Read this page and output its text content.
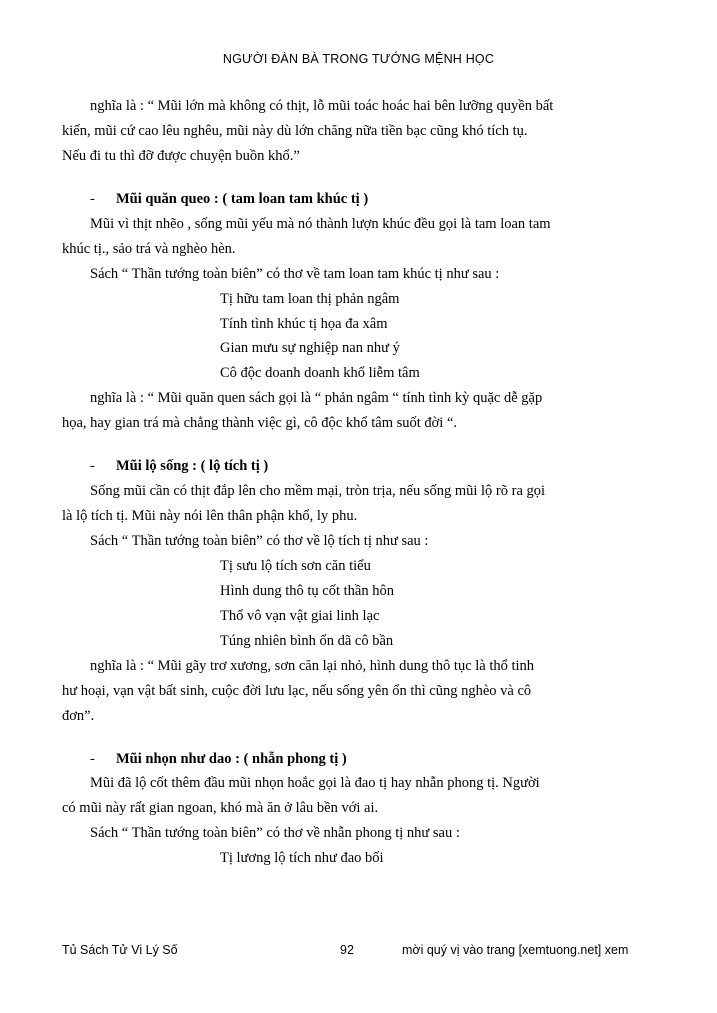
NGƯỜI ĐÀN BÀ TRONG TƯỚNG MỆNH HỌC

nghĩa là : “ Mũi lớn mà không có thịt, lỗ mũi toác hoác hai bên lưỡng quyền bất

kiến, mũi cứ cao lêu nghêu, mũi này dù lớn chăng nữa tiền bạc cũng khó tích tụ.

Nếu đi tu thì đỡ được chuyện buồn khổ.”

- Mũi quăn queo : ( tam loan tam khúc tị )

Mũi vì thịt nhẽo , sống mũi yếu mà nó thành lượn khúc đều gọi là tam loan tam

khúc tị., sảo trá và nghèo hèn.

Sách “ Thần tướng toàn biên” có thơ về tam loan tam khúc tị như sau :

Tị hữu tam loan thị phản ngâm

Tính tình khúc tị họa đa xâm

Gian mưu sự nghiệp nan như ý

Cô độc doanh doanh khổ liễm tâm

nghĩa là : “ Mũi quăn quen sách gọi là “ phản ngâm “ tính tình kỳ quặc dễ gặp

họa, hay gian trá mà chẳng thành việc gì, cô độc khổ tâm suốt đời “.

- Mũi lộ sống : ( lộ tích tị )

Sống mũi cần có thịt đắp lên cho mềm mại, tròn trịa, nếu sống mũi lộ rõ ra gọi

là lộ tích tị. Mũi này nói lên thân phận khổ, ly phu.

Sách “ Thần tướng toàn biên” có thơ về lộ tích tị như sau :

Tị sưu lộ tích sơn căn tiểu

Hình dung thô tụ cốt thần hôn

Thổ vô vạn vật giai linh lạc

Túng nhiên bình ổn dã cô bần

nghĩa là : “ Mũi gãy trơ xương, sơn căn lại nhỏ, hình dung thô tục là thổ tinh

hư hoại, vạn vật bất sinh, cuộc đời lưu lạc, nếu sống yên ổn thì cũng nghèo và cô

đơn”.

- Mũi nhọn như dao : ( nhẫn phong tị )

Mũi đã lộ cốt thêm đầu mũi nhọn hoắc gọi là đao tị hay nhẫn phong tị. Người

có mũi này rất gian ngoan, khó mà ăn ở lâu bền với ai.

Sách “ Thần tướng toàn biên” có thơ về nhẫn phong tị như sau :

Tị lương lộ tích như đao bối

Tủ Sách Tử Vi Lý Số	92	mời quý vị vào trang [xemtuong.net] xem
